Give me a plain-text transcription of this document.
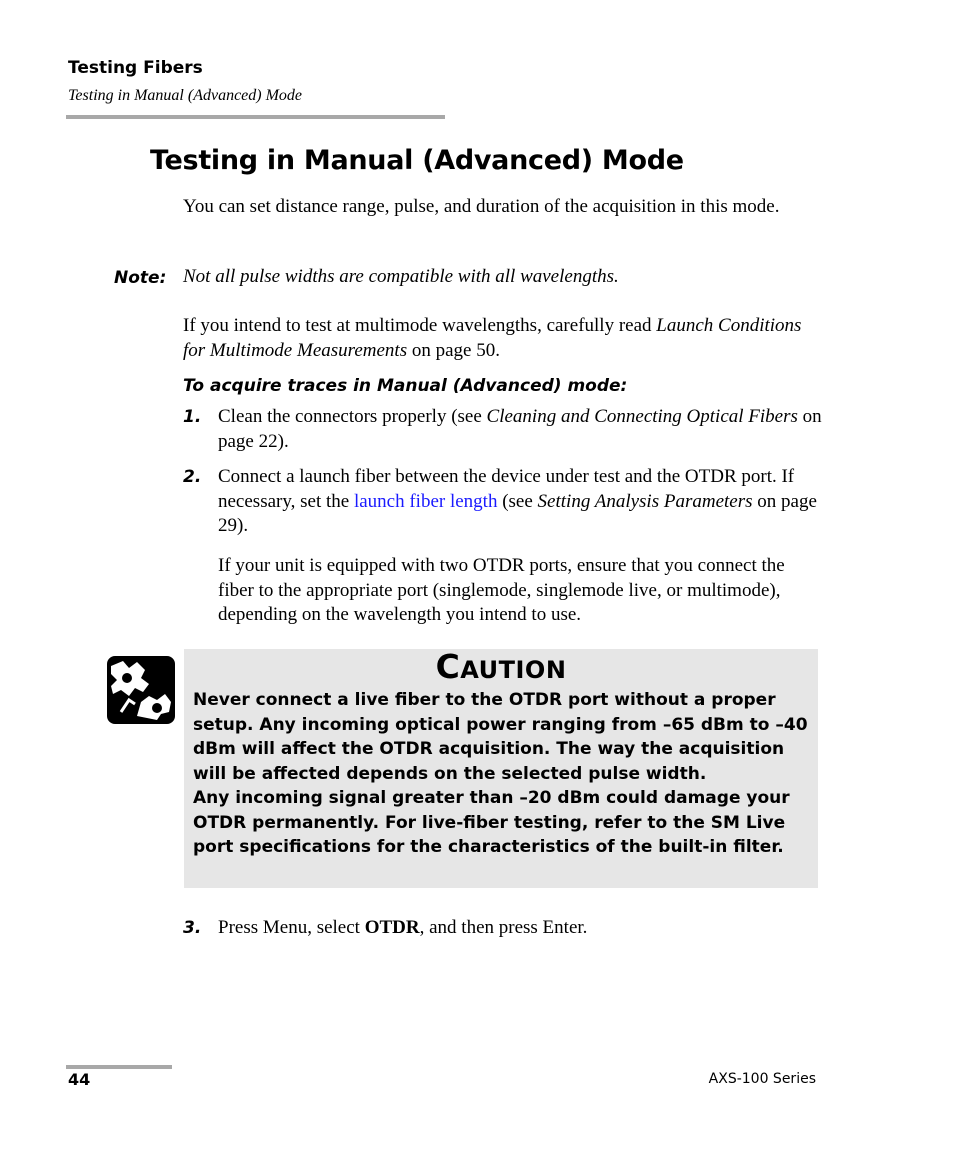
Testing Fibers
Testing in Manual (Advanced) Mode
Testing in Manual (Advanced) Mode
You can set distance range, pulse, and duration of the acquisition in this mode.
Note: Not all pulse widths are compatible with all wavelengths.
If you intend to test at multimode wavelengths, carefully read Launch Conditions for Multimode Measurements on page 50.
To acquire traces in Manual (Advanced) mode:
1. Clean the connectors properly (see Cleaning and Connecting Optical Fibers on page 22).
2. Connect a launch fiber between the device under test and the OTDR port. If necessary, set the launch fiber length (see Setting Analysis Parameters on page 29).
If your unit is equipped with two OTDR ports, ensure that you connect the fiber to the appropriate port (singlemode, singlemode live, or multimode), depending on the wavelength you intend to use.
CAUTION
Never connect a live fiber to the OTDR port without a proper setup. Any incoming optical power ranging from –65 dBm to –40 dBm will affect the OTDR acquisition. The way the acquisition will be affected depends on the selected pulse width.
Any incoming signal greater than –20 dBm could damage your OTDR permanently. For live-fiber testing, refer to the SM Live port specifications for the characteristics of the built-in filter.
3. Press Menu, select OTDR, and then press Enter.
44	AXS-100 Series
